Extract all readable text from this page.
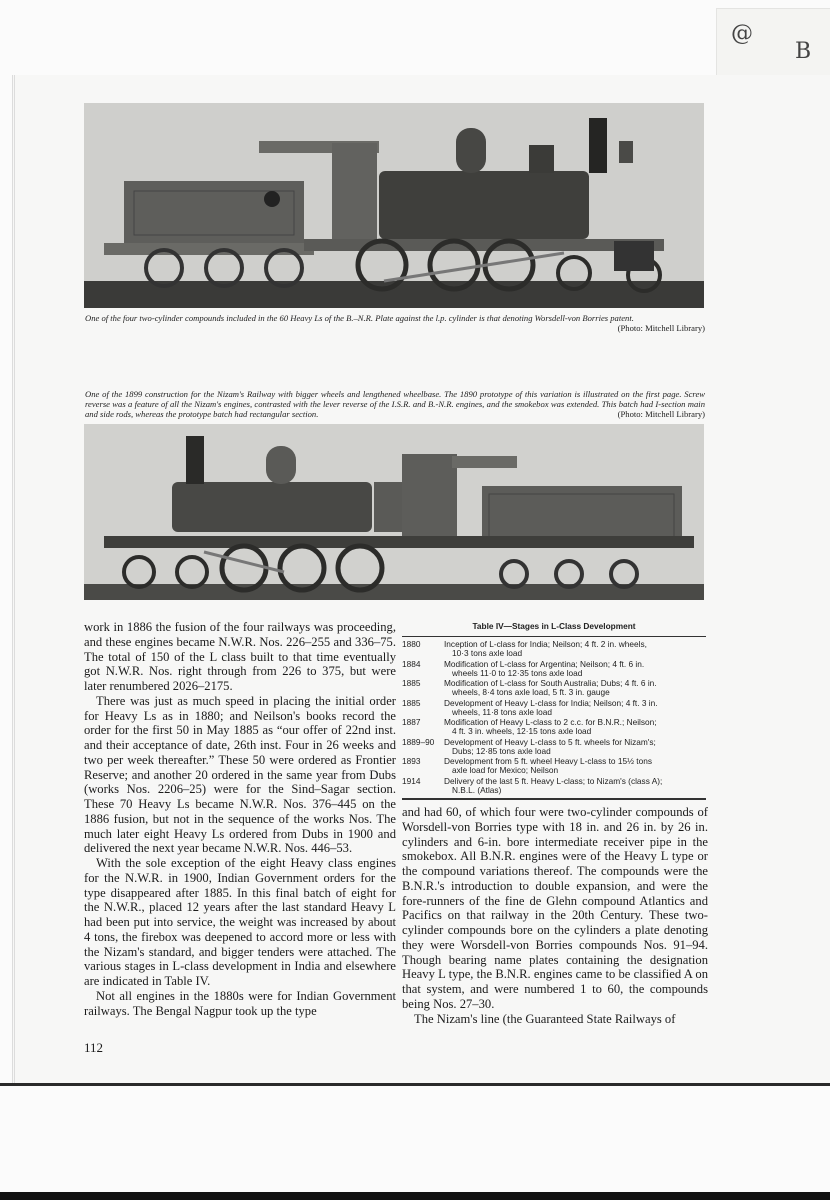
@
B
One of the four two-cylinder compounds included in the 60 Heavy Ls of the B.–N.R. Plate against the l.p. cylinder is that denoting Worsdell-von Borries patent.
(Photo: Mitchell Library)
One of the 1899 construction for the Nizam's Railway with bigger wheels and lengthened wheelbase. The 1890 prototype of this variation is illustrated on the first page. Screw reverse was a feature of all the Nizam's engines, contrasted with the lever reverse of the I.S.R. and B.-N.R. engines, and the smokebox was extended. This batch had I-section main and side rods, whereas the prototype batch had rectangular section.	(Photo: Mitchell Library)

work in 1886 the fusion of the four railways was proceeding, and these engines became N.W.R. Nos. 226–255 and 336–75. The total of 150 of the L class built to that time eventually got N.W.R. Nos. right through from 226 to 375, but were later renumbered 2026–2175.

There was just as much speed in placing the initial order for Heavy Ls as in 1880; and Neilson's books record the order for the first 50 in May 1885 as “our offer of 22nd inst. and their acceptance of date, 26th inst. Four in 26 weeks and two per week thereafter.” These 50 were ordered as Frontier Reserve; and another 20 ordered in the same year from Dubs (works Nos. 2206–25) were for the Sind–Sagar section. These 70 Heavy Ls became N.W.R. Nos. 376–445 on the 1886 fusion, but not in the sequence of the works Nos. The much later eight Heavy Ls ordered from Dubs in 1900 and delivered the next year became N.W.R. Nos. 446–53.

With the sole exception of the eight Heavy class engines for the N.W.R. in 1900, Indian Government orders for the type disappeared after 1885. In this final batch of eight for the N.W.R., placed 12 years after the last standard Heavy L had been put into service, the weight was increased by about 4 tons, the firebox was deepened to accord more or less with the Nizam's standard, and bigger tenders were attached. The various stages in L-class development in India and elsewhere are indicated in Table IV.

Not all engines in the 1880s were for Indian Government railways. The Bengal Nagpur took up the type

Table IV—Stages in L-Class Development
1880	Inception of L-class for India; Neilson; 4 ft. 2 in. wheels,
10·3 tons axle load
1884	Modification of L-class for Argentina; Neilson; 4 ft. 6 in.
wheels 11·0 to 12·35 tons axle load
1885	Modification of L-class for South Australia; Dubs; 4 ft. 6 in.
wheels, 8·4 tons axle load, 5 ft. 3 in. gauge
1885	Development of Heavy L-class for India; Neilson; 4 ft. 3 in.
wheels, 11·8 tons axle load
1887	Modification of Heavy L-class to 2 c.c. for B.N.R.; Neilson;
4 ft. 3 in. wheels, 12·15 tons axle load
1889–90	Development of Heavy L-class to 5 ft. wheels for Nizam's;
Dubs; 12·85 tons axle load
1893	Development from 5 ft. wheel Heavy L-class to 15½ tons
axle load for Mexico; Neilson
1914	Delivery of the last 5 ft. Heavy L-class; to Nizam's (class A);
N.B.L. (Atlas)

and had 60, of which four were two-cylinder compounds of Worsdell-von Borries type with 18 in. and 26 in. by 26 in. cylinders and 6-in. bore intermediate receiver pipe in the smokebox. All B.N.R. engines were of the Heavy L type or the compound variations thereof. The compounds were the B.N.R.'s introduction to double expansion, and were the fore-runners of the fine de Glehn compound Atlantics and Pacifics on that railway in the 20th Century. These two-cylinder compounds bore on the cylinders a plate denoting they were Worsdell-von Borries compounds Nos. 91–94. Though bearing name plates containing the designation Heavy L type, the B.N.R. engines came to be classified A on that system, and were numbered 1 to 60, the compounds being Nos. 27–30.

The Nizam's line (the Guaranteed State Railways of

112
